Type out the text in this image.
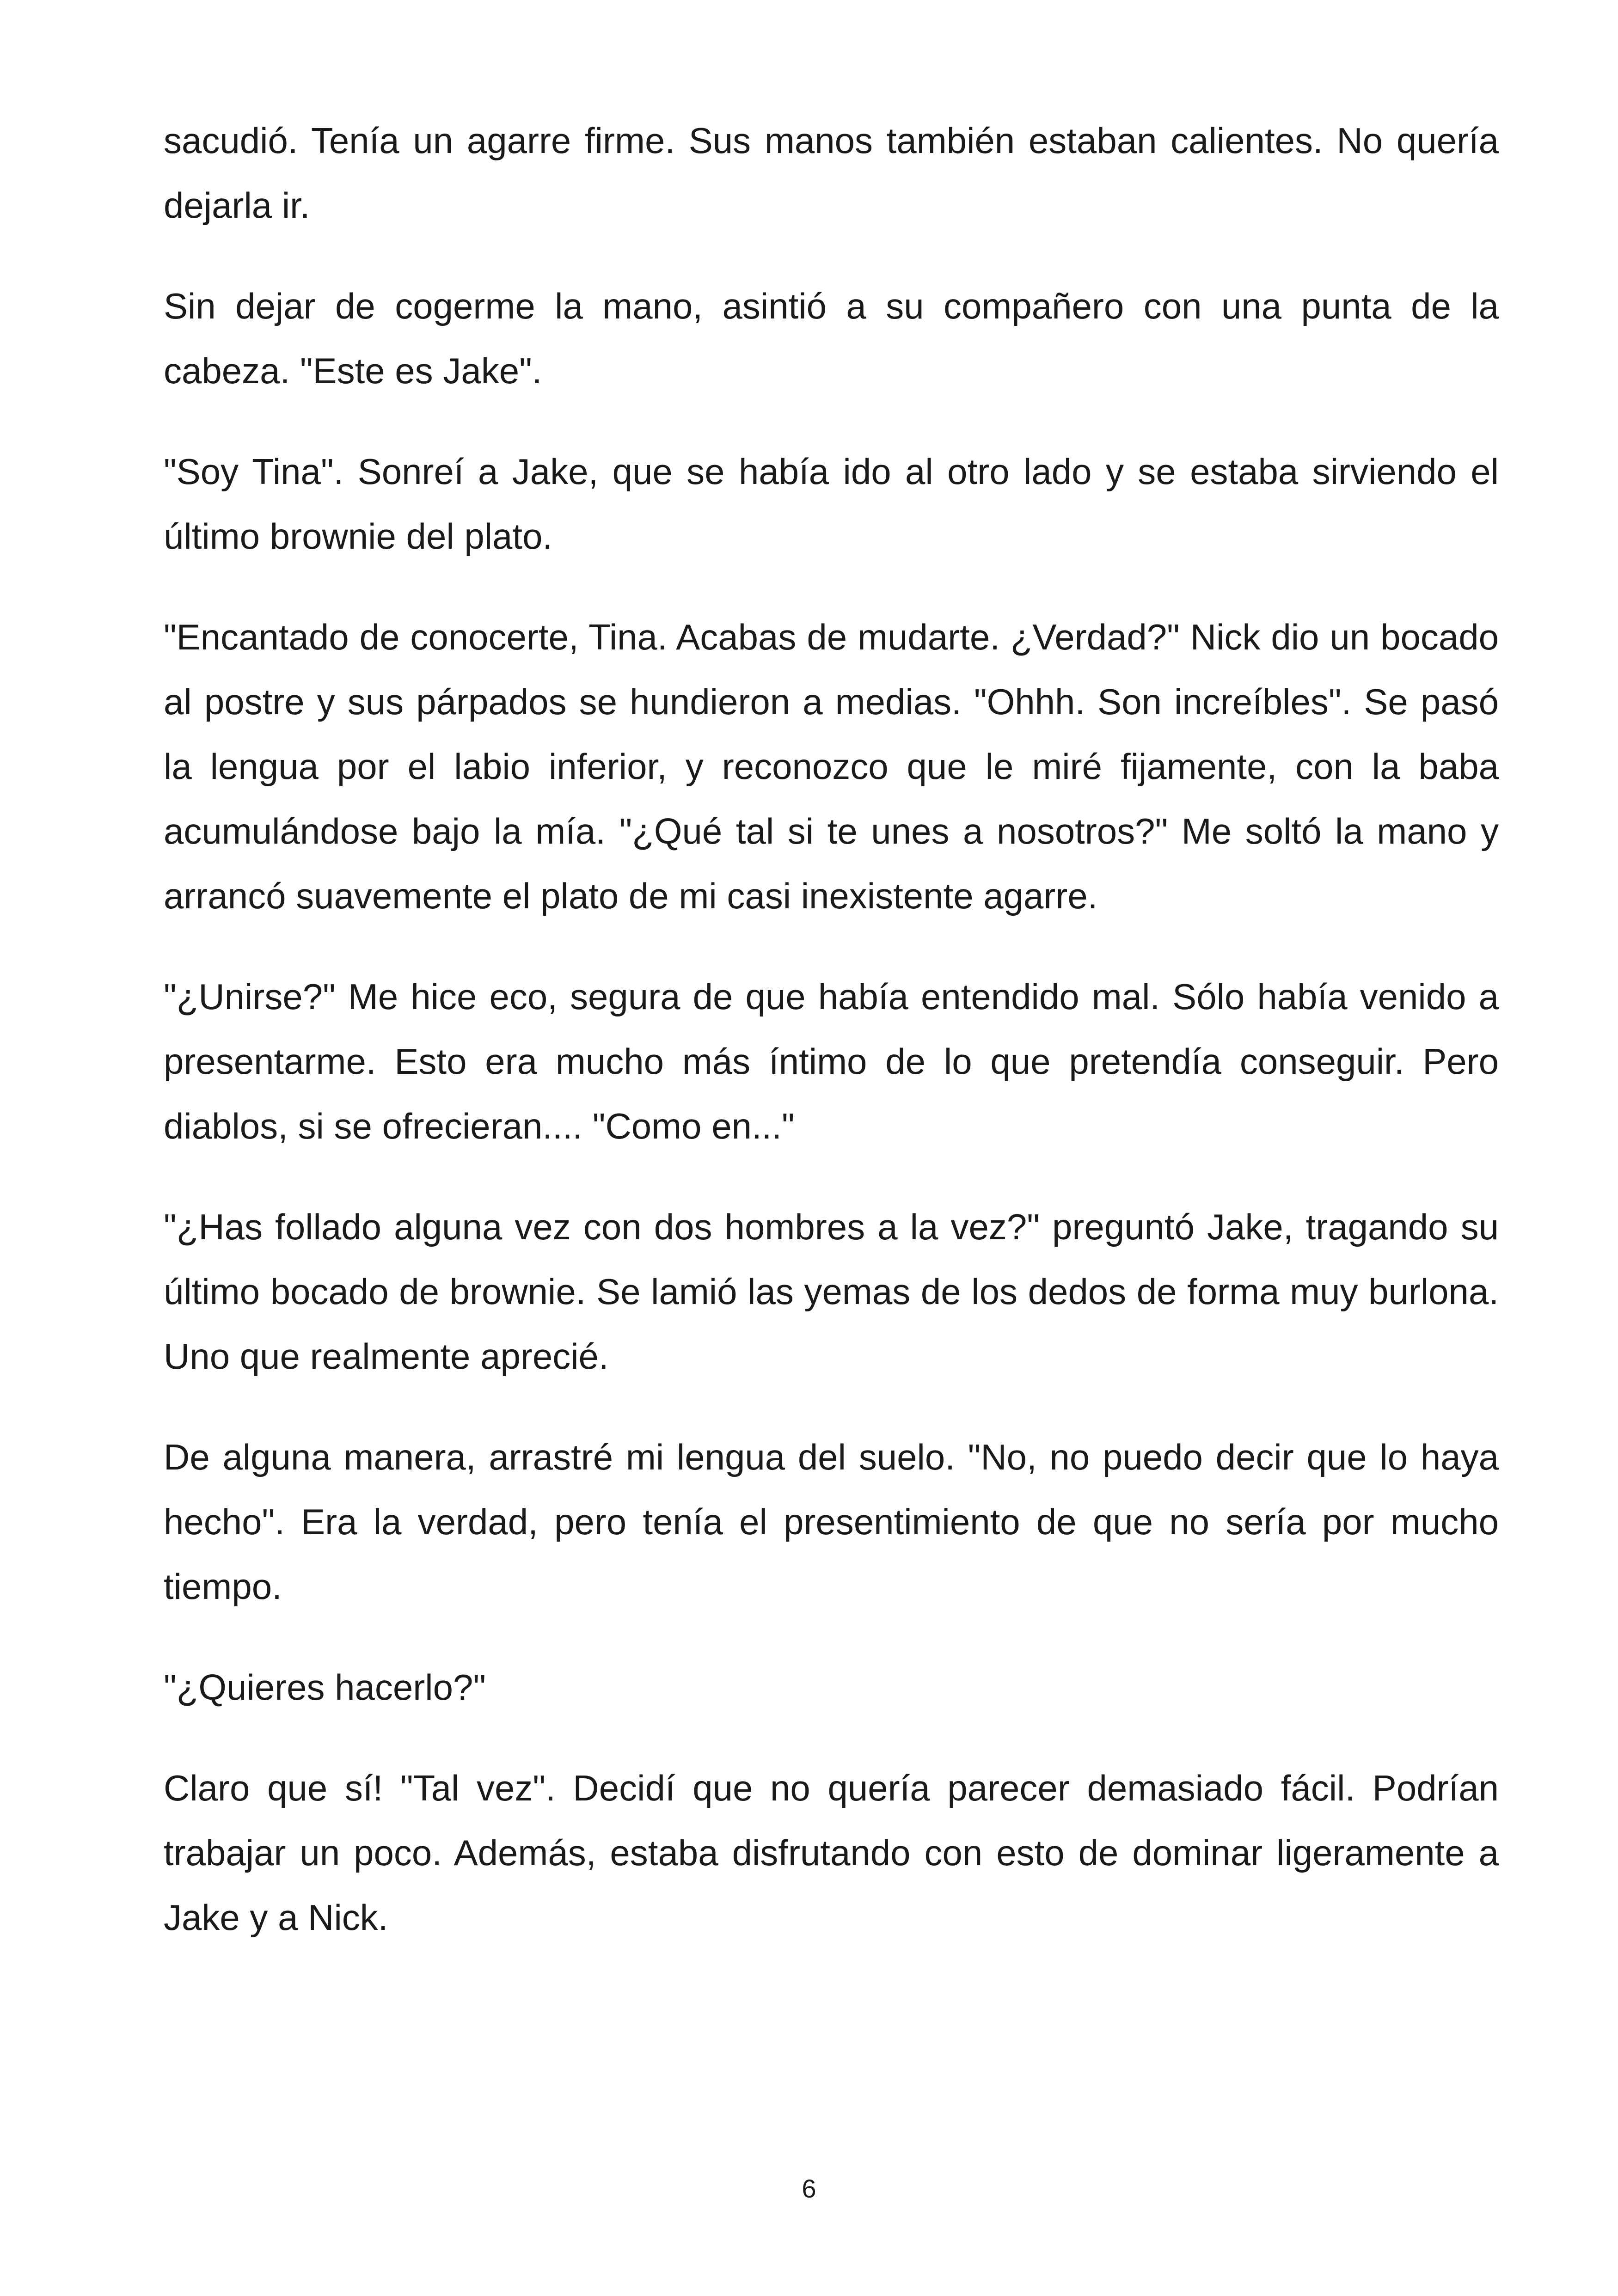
sacudió. Tenía un agarre firme. Sus manos también estaban calientes. No quería dejarla ir.

Sin dejar de cogerme la mano, asintió a su compañero con una punta de la cabeza. "Este es Jake".

"Soy Tina". Sonreí a Jake, que se había ido al otro lado y se estaba sirviendo el último brownie del plato.

"Encantado de conocerte, Tina. Acabas de mudarte. ¿Verdad?" Nick dio un bocado al postre y sus párpados se hundieron a medias. "Ohhh. Son increíbles". Se pasó la lengua por el labio inferior, y reconozco que le miré fijamente, con la baba acumulándose bajo la mía. "¿Qué tal si te unes a nosotros?" Me soltó la mano y arrancó suavemente el plato de mi casi inexistente agarre.

"¿Unirse?" Me hice eco, segura de que había entendido mal. Sólo había venido a presentarme. Esto era mucho más íntimo de lo que pretendía conseguir. Pero diablos, si se ofrecieran.... "Como en..."

"¿Has follado alguna vez con dos hombres a la vez?" preguntó Jake, tragando su último bocado de brownie. Se lamió las yemas de los dedos de forma muy burlona. Uno que realmente aprecié.

De alguna manera, arrastré mi lengua del suelo. "No, no puedo decir que lo haya hecho". Era la verdad, pero tenía el presentimiento de que no sería por mucho tiempo.

"¿Quieres hacerlo?"

Claro que sí! "Tal vez". Decidí que no quería parecer demasiado fácil. Podrían trabajar un poco. Además, estaba disfrutando con esto de dominar ligeramente a Jake y a Nick.

6
